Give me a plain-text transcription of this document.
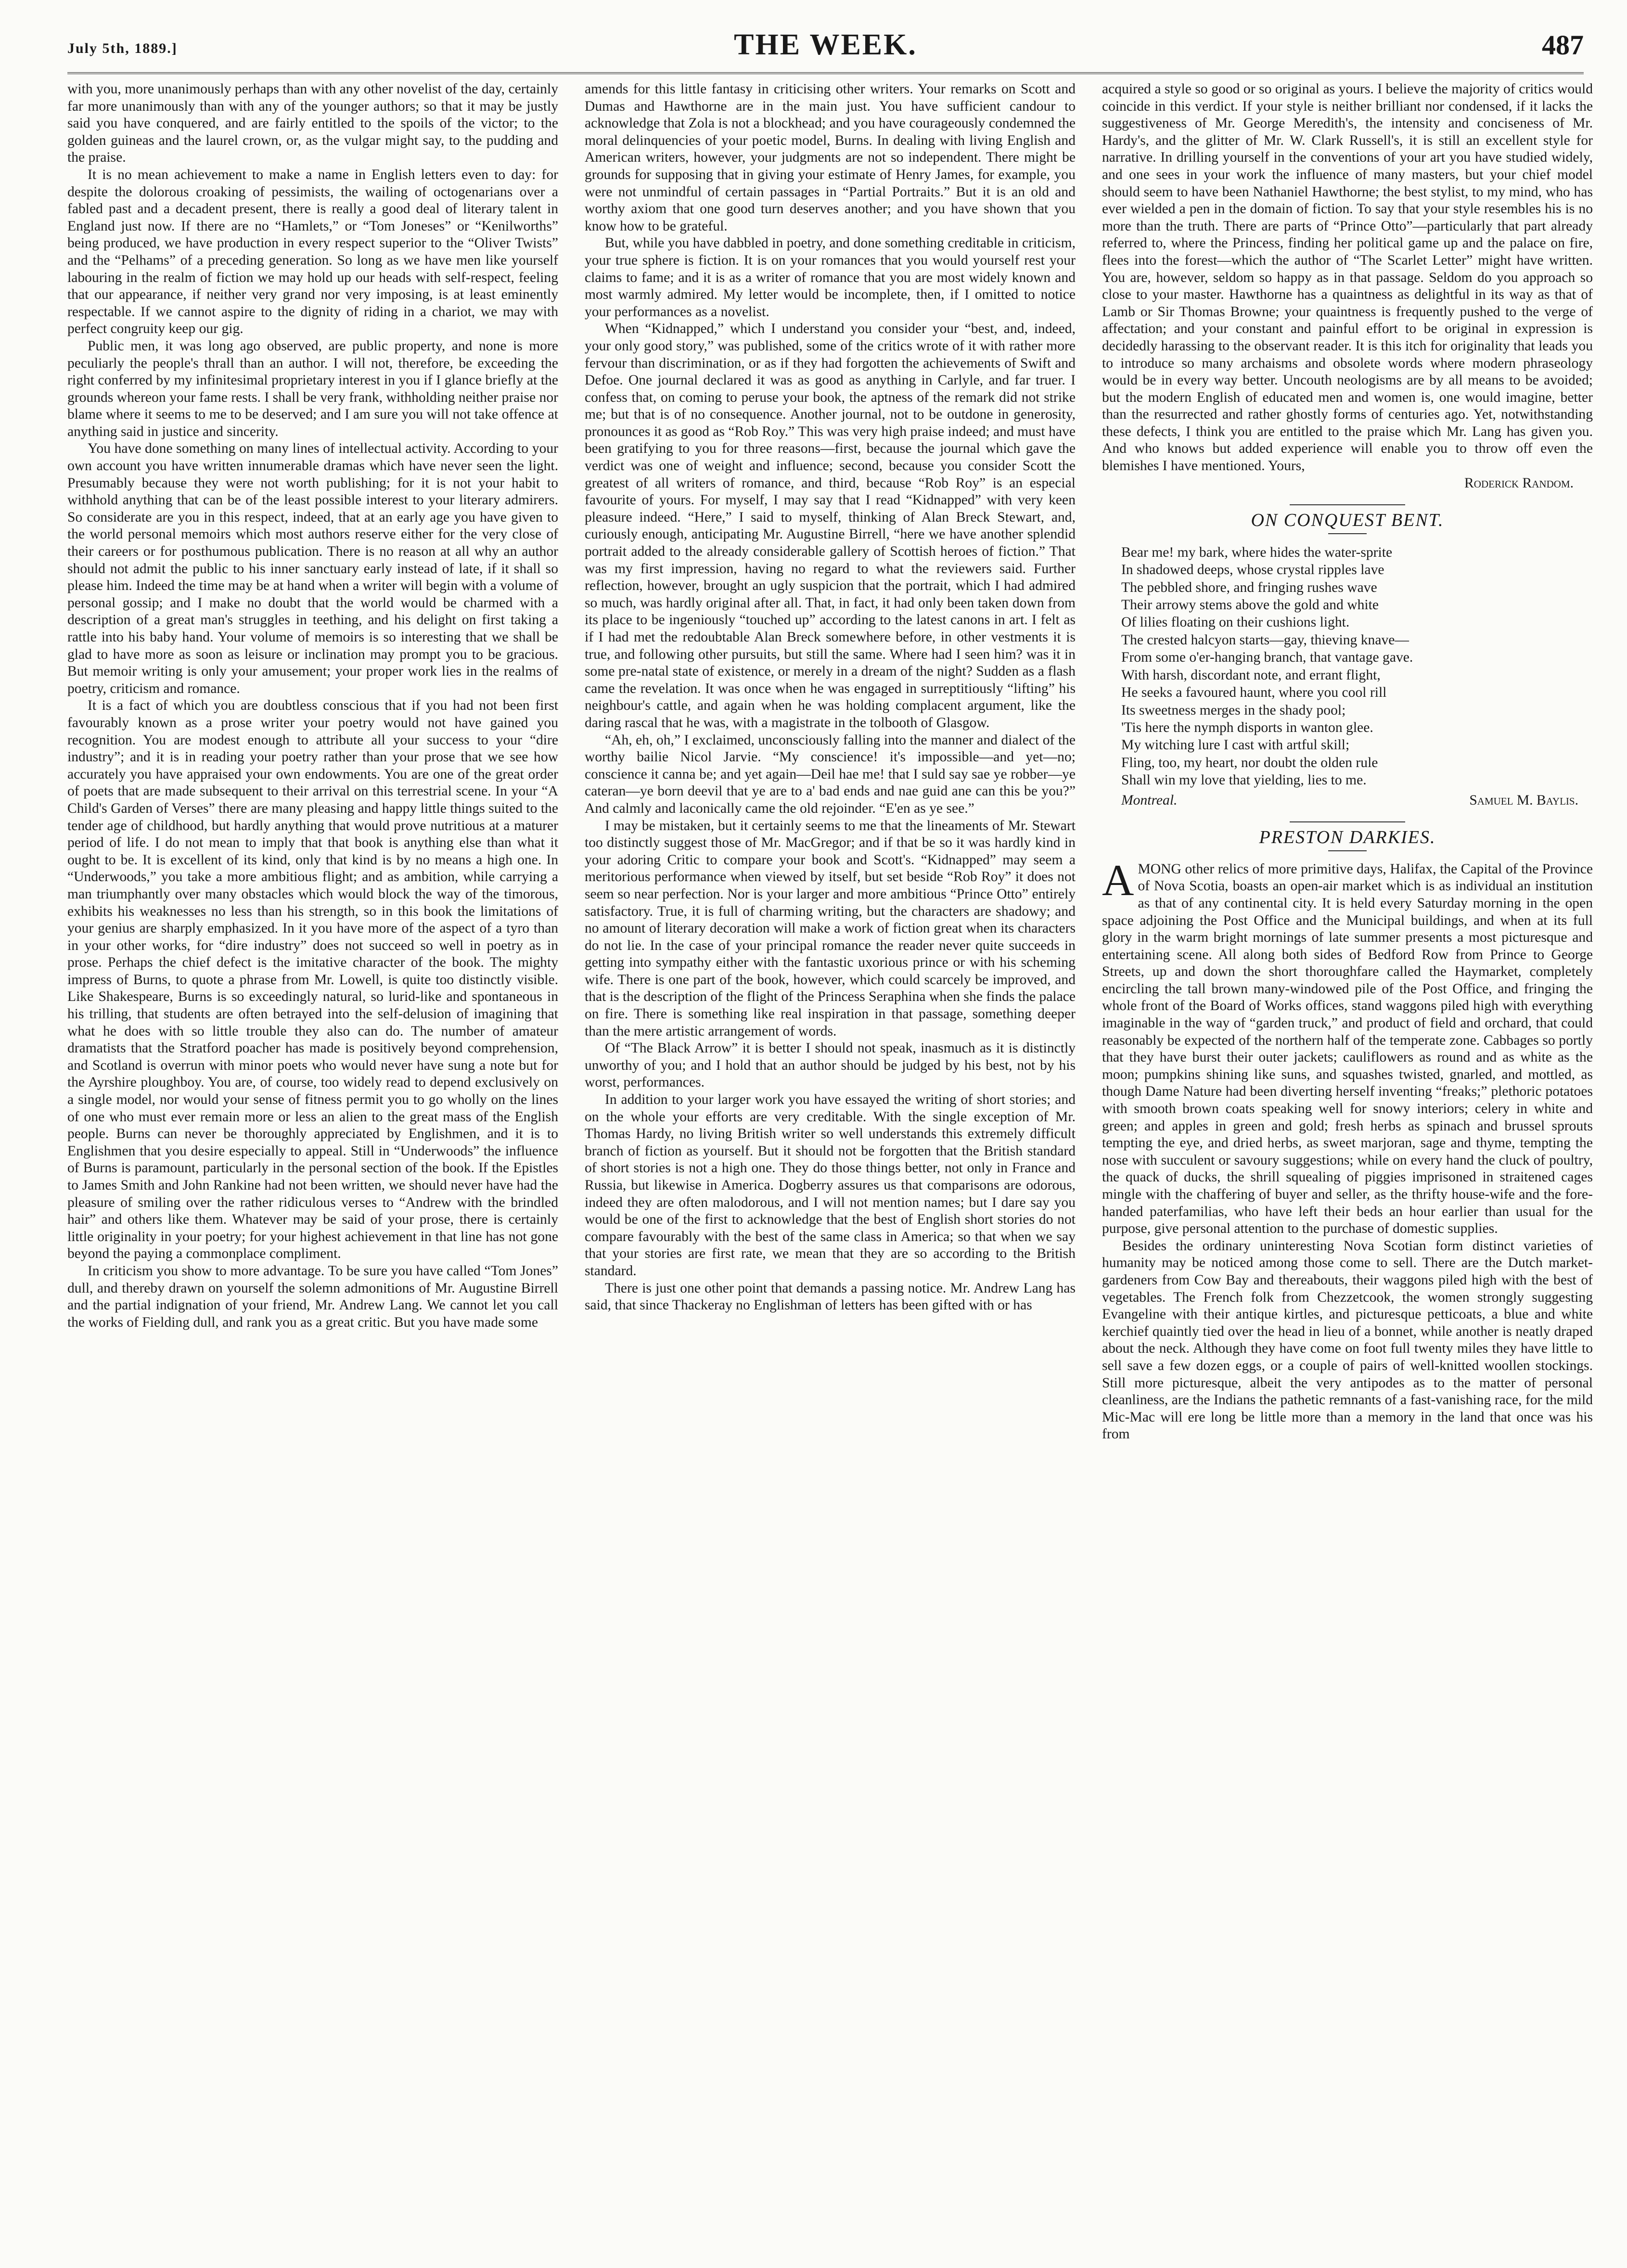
July 5th, 1889.]	THE WEEK.	487

with you, more unanimously perhaps than with any other novelist of the day, certainly far more unanimously than with any of the younger authors; so that it may be justly said you have conquered, and are fairly entitled to the spoils of the victor; to the golden guineas and the laurel crown, or, as the vulgar might say, to the pudding and the praise.

It is no mean achievement to make a name in English letters even to day: for despite the dolorous croaking of pessimists, the wailing of octogenarians over a fabled past and a decadent present, there is really a good deal of literary talent in England just now. If there are no “Hamlets,” or “Tom Joneses” or “Kenilworths” being produced, we have production in every respect superior to the “Oliver Twists” and the “Pelhams” of a preceding generation. So long as we have men like yourself labouring in the realm of fiction we may hold up our heads with self-respect, feeling that our appearance, if neither very grand nor very imposing, is at least eminently respectable. If we cannot aspire to the dignity of riding in a chariot, we may with perfect congruity keep our gig.

Public men, it was long ago observed, are public property, and none is more peculiarly the people's thrall than an author. I will not, therefore, be exceeding the right conferred by my infinitesimal proprietary interest in you if I glance briefly at the grounds whereon your fame rests. I shall be very frank, withholding neither praise nor blame where it seems to me to be deserved; and I am sure you will not take offence at anything said in justice and sincerity.

You have done something on many lines of intellectual activity. According to your own account you have written innumerable dramas which have never seen the light. Presumably because they were not worth publishing; for it is not your habit to withhold anything that can be of the least possible interest to your literary admirers. So considerate are you in this respect, indeed, that at an early age you have given to the world personal memoirs which most authors reserve either for the very close of their careers or for posthumous publication. There is no reason at all why an author should not admit the public to his inner sanctuary early instead of late, if it shall so please him. Indeed the time may be at hand when a writer will begin with a volume of personal gossip; and I make no doubt that the world would be charmed with a description of a great man's struggles in teething, and his delight on first taking a rattle into his baby hand. Your volume of memoirs is so interesting that we shall be glad to have more as soon as leisure or inclination may prompt you to be gracious. But memoir writing is only your amusement; your proper work lies in the realms of poetry, criticism and romance.

It is a fact of which you are doubtless conscious that if you had not been first favourably known as a prose writer your poetry would not have gained you recognition. You are modest enough to attribute all your success to your “dire industry”; and it is in reading your poetry rather than your prose that we see how accurately you have appraised your own endowments. You are one of the great order of poets that are made subsequent to their arrival on this terrestrial scene. In your “A Child's Garden of Verses” there are many pleasing and happy little things suited to the tender age of childhood, but hardly anything that would prove nutritious at a maturer period of life. I do not mean to imply that that book is anything else than what it ought to be. It is excellent of its kind, only that kind is by no means a high one. In “Underwoods,” you take a more ambitious flight; and as ambition, while carrying a man triumphantly over many obstacles which would block the way of the timorous, exhibits his weaknesses no less than his strength, so in this book the limitations of your genius are sharply emphasized. In it you have more of the aspect of a tyro than in your other works, for “dire industry” does not succeed so well in poetry as in prose. Perhaps the chief defect is the imitative character of the book. The mighty impress of Burns, to quote a phrase from Mr. Lowell, is quite too distinctly visible. Like Shakespeare, Burns is so exceedingly natural, so lurid-like and spontaneous in his trilling, that students are often betrayed into the self-delusion of imagining that what he does with so little trouble they also can do. The number of amateur dramatists that the Stratford poacher has made is positively beyond comprehension, and Scotland is overrun with minor poets who would never have sung a note but for the Ayrshire ploughboy. You are, of course, too widely read to depend exclusively on a single model, nor would your sense of fitness permit you to go wholly on the lines of one who must ever remain more or less an alien to the great mass of the English people. Burns can never be thoroughly appreciated by Englishmen, and it is to Englishmen that you desire especially to appeal. Still in “Underwoods” the influence of Burns is paramount, particularly in the personal section of the book. If the Epistles to James Smith and John Rankine had not been written, we should never have had the pleasure of smiling over the rather ridiculous verses to “Andrew with the brindled hair” and others like them. Whatever may be said of your prose, there is certainly little originality in your poetry; for your highest achievement in that line has not gone beyond the paying a commonplace compliment.

In criticism you show to more advantage. To be sure you have called “Tom Jones” dull, and thereby drawn on yourself the solemn admonitions of Mr. Augustine Birrell and the partial indignation of your friend, Mr. Andrew Lang. We cannot let you call the works of Fielding dull, and rank you as a great critic. But you have made some

amends for this little fantasy in criticising other writers. Your remarks on Scott and Dumas and Hawthorne are in the main just. You have sufficient candour to acknowledge that Zola is not a blockhead; and you have courageously condemned the moral delinquencies of your poetic model, Burns. In dealing with living English and American writers, however, your judgments are not so independent. There might be grounds for supposing that in giving your estimate of Henry James, for example, you were not unmindful of certain passages in “Partial Portraits.” But it is an old and worthy axiom that one good turn deserves another; and you have shown that you know how to be grateful.

But, while you have dabbled in poetry, and done something creditable in criticism, your true sphere is fiction. It is on your romances that you would yourself rest your claims to fame; and it is as a writer of romance that you are most widely known and most warmly admired. My letter would be incomplete, then, if I omitted to notice your performances as a novelist.

When “Kidnapped,” which I understand you consider your “best, and, indeed, your only good story,” was published, some of the critics wrote of it with rather more fervour than discrimination, or as if they had forgotten the achievements of Swift and Defoe. One journal declared it was as good as anything in Carlyle, and far truer. I confess that, on coming to peruse your book, the aptness of the remark did not strike me; but that is of no consequence. Another journal, not to be outdone in generosity, pronounces it as good as “Rob Roy.” This was very high praise indeed; and must have been gratifying to you for three reasons—first, because the journal which gave the verdict was one of weight and influence; second, because you consider Scott the greatest of all writers of romance, and third, because “Rob Roy” is an especial favourite of yours. For myself, I may say that I read “Kidnapped” with very keen pleasure indeed. “Here,” I said to myself, thinking of Alan Breck Stewart, and, curiously enough, anticipating Mr. Augustine Birrell, “here we have another splendid portrait added to the already considerable gallery of Scottish heroes of fiction.” That was my first impression, having no regard to what the reviewers said. Further reflection, however, brought an ugly suspicion that the portrait, which I had admired so much, was hardly original after all. That, in fact, it had only been taken down from its place to be ingeniously “touched up” according to the latest canons in art. I felt as if I had met the redoubtable Alan Breck somewhere before, in other vestments it is true, and following other pursuits, but still the same. Where had I seen him? was it in some pre-natal state of existence, or merely in a dream of the night? Sudden as a flash came the revelation. It was once when he was engaged in surreptitiously “lifting” his neighbour's cattle, and again when he was holding complacent argument, like the daring rascal that he was, with a magistrate in the tolbooth of Glasgow.

“Ah, eh, oh,” I exclaimed, unconsciously falling into the manner and dialect of the worthy bailie Nicol Jarvie. “My conscience! it's impossible—and yet—no; conscience it canna be; and yet again—Deil hae me! that I suld say sae ye robber—ye cateran—ye born deevil that ye are to a' bad ends and nae guid ane can this be you?” And calmly and laconically came the old rejoinder. “E'en as ye see.”

I may be mistaken, but it certainly seems to me that the lineaments of Mr. Stewart too distinctly suggest those of Mr. MacGregor; and if that be so it was hardly kind in your adoring Critic to compare your book and Scott's. “Kidnapped” may seem a meritorious performance when viewed by itself, but set beside “Rob Roy” it does not seem so near perfection. Nor is your larger and more ambitious “Prince Otto” entirely satisfactory. True, it is full of charming writing, but the characters are shadowy; and no amount of literary decoration will make a work of fiction great when its characters do not lie. In the case of your principal romance the reader never quite succeeds in getting into sympathy either with the fantastic uxorious prince or with his scheming wife. There is one part of the book, however, which could scarcely be improved, and that is the description of the flight of the Princess Seraphina when she finds the palace on fire. There is something like real inspiration in that passage, something deeper than the mere artistic arrangement of words.

Of “The Black Arrow” it is better I should not speak, inasmuch as it is distinctly unworthy of you; and I hold that an author should be judged by his best, not by his worst, performances.

In addition to your larger work you have essayed the writing of short stories; and on the whole your efforts are very creditable. With the single exception of Mr. Thomas Hardy, no living British writer so well understands this extremely difficult branch of fiction as yourself. But it should not be forgotten that the British standard of short stories is not a high one. They do those things better, not only in France and Russia, but likewise in America. Dogberry assures us that comparisons are odorous, indeed they are often malodorous, and I will not mention names; but I dare say you would be one of the first to acknowledge that the best of English short stories do not compare favourably with the best of the same class in America; so that when we say that your stories are first rate, we mean that they are so according to the British standard.

There is just one other point that demands a passing notice. Mr. Andrew Lang has said, that since Thackeray no Englishman of letters has been gifted with or has

acquired a style so good or so original as yours. I believe the majority of critics would coincide in this verdict. If your style is neither brilliant nor condensed, if it lacks the suggestiveness of Mr. George Meredith's, the intensity and conciseness of Mr. Hardy's, and the glitter of Mr. W. Clark Russell's, it is still an excellent style for narrative. In drilling yourself in the conventions of your art you have studied widely, and one sees in your work the influence of many masters, but your chief model should seem to have been Nathaniel Hawthorne; the best stylist, to my mind, who has ever wielded a pen in the domain of fiction. To say that your style resembles his is no more than the truth. There are parts of “Prince Otto”—particularly that part already referred to, where the Princess, finding her political game up and the palace on fire, flees into the forest—which the author of “The Scarlet Letter” might have written. You are, however, seldom so happy as in that passage. Seldom do you approach so close to your master. Hawthorne has a quaintness as delightful in its way as that of Lamb or Sir Thomas Browne; your quaintness is frequently pushed to the verge of affectation; and your constant and painful effort to be original in expression is decidedly harassing to the observant reader. It is this itch for originality that leads you to introduce so many archaisms and obsolete words where modern phraseology would be in every way better. Uncouth neologisms are by all means to be avoided; but the modern English of educated men and women is, one would imagine, better than the resurrected and rather ghostly forms of centuries ago. Yet, notwithstanding these defects, I think you are entitled to the praise which Mr. Lang has given you. And who knows but added experience will enable you to throw off even the blemishes I have mentioned. Yours,

Roderick Random.

ON CONQUEST BENT.
Bear me! my bark, where hides the water-sprite
In shadowed deeps, whose crystal ripples lave
The pebbled shore, and fringing rushes wave
Their arrowy stems above the gold and white
Of lilies floating on their cushions light.
The crested halcyon starts—gay, thieving knave—
From some o'er-hanging branch, that vantage gave.
With harsh, discordant note, and errant flight,
He seeks a favoured haunt, where you cool rill
Its sweetness merges in the shady pool;
'Tis here the nymph disports in wanton glee.
My witching lure I cast with artful skill;
Fling, too, my heart, nor doubt the olden rule
Shall win my love that yielding, lies to me.
Montreal.	Samuel M. Baylis.
PRESTON DARKIES.

AMONG other relics of more primitive days, Halifax, the Capital of the Province of Nova Scotia, boasts an open-air market which is as individual an institution as that of any continental city. It is held every Saturday morning in the open space adjoining the Post Office and the Municipal buildings, and when at its full glory in the warm bright mornings of late summer presents a most picturesque and entertaining scene. All along both sides of Bedford Row from Prince to George Streets, up and down the short thoroughfare called the Haymarket, completely encircling the tall brown many-windowed pile of the Post Office, and fringing the whole front of the Board of Works offices, stand waggons piled high with everything imaginable in the way of “garden truck,” and product of field and orchard, that could reasonably be expected of the northern half of the temperate zone. Cabbages so portly that they have burst their outer jackets; cauliflowers as round and as white as the moon; pumpkins shining like suns, and squashes twisted, gnarled, and mottled, as though Dame Nature had been diverting herself inventing “freaks;” plethoric potatoes with smooth brown coats speaking well for snowy interiors; celery in white and green; and apples in green and gold; fresh herbs as spinach and brussel sprouts tempting the eye, and dried herbs, as sweet marjoran, sage and thyme, tempting the nose with succulent or savoury suggestions; while on every hand the cluck of poultry, the quack of ducks, the shrill squealing of piggies imprisoned in straitened cages mingle with the chaffering of buyer and seller, as the thrifty house-wife and the fore-handed paterfamilias, who have left their beds an hour earlier than usual for the purpose, give personal attention to the purchase of domestic supplies.

Besides the ordinary uninteresting Nova Scotian form distinct varieties of humanity may be noticed among those come to sell. There are the Dutch market-gardeners from Cow Bay and thereabouts, their waggons piled high with the best of vegetables. The French folk from Chezzetcook, the women strongly suggesting Evangeline with their antique kirtles, and picturesque petticoats, a blue and white kerchief quaintly tied over the head in lieu of a bonnet, while another is neatly draped about the neck. Although they have come on foot full twenty miles they have little to sell save a few dozen eggs, or a couple of pairs of well-knitted woollen stockings. Still more picturesque, albeit the very antipodes as to the matter of personal cleanliness, are the Indians the pathetic remnants of a fast-vanishing race, for the mild Mic-Mac will ere long be little more than a memory in the land that once was his from
